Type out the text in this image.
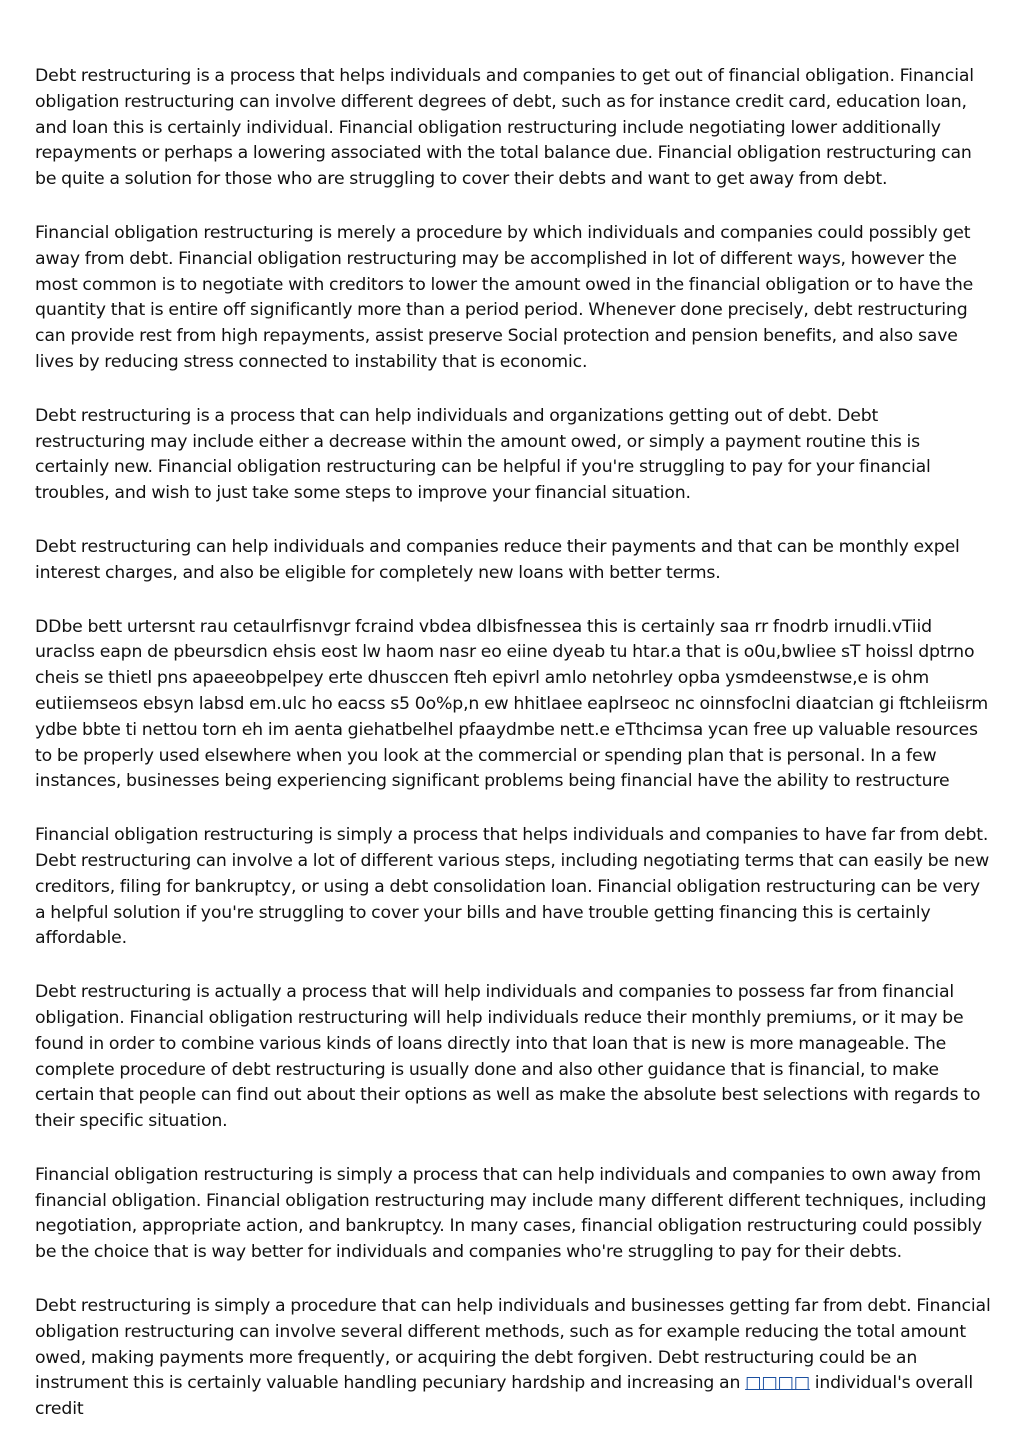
Debt restructuring is a process that helps individuals and companies to get out of financial obligation. Financial obligation restructuring can involve different degrees of debt, such as for instance credit card, education loan, and loan this is certainly individual. Financial obligation restructuring include negotiating lower additionally repayments or perhaps a lowering associated with the total balance due. Financial obligation restructuring can be quite a solution for those who are struggling to cover their debts and want to get away from debt.

Financial obligation restructuring is merely a procedure by which individuals and companies could possibly get away from debt. Financial obligation restructuring may be accomplished in lot of different ways, however the most common is to negotiate with creditors to lower the amount owed in the financial obligation or to have the quantity that is entire off significantly more than a period period. Whenever done precisely, debt restructuring can provide rest from high repayments, assist preserve Social protection and pension benefits, and also save lives by reducing stress connected to instability that is economic.

Debt restructuring is a process that can help individuals and organizations getting out of debt. Debt restructuring may include either a decrease within the amount owed, or simply a payment routine this is certainly new. Financial obligation restructuring can be helpful if you're struggling to pay for your financial troubles, and wish to just take some steps to improve your financial situation.

Debt restructuring can help individuals and companies reduce their payments and that can be monthly expel interest charges, and also be eligible for completely new loans with better terms.

DDbe bett urtersnt rau cetaulrfisnvgr fcraind vbdea dlbisfnessea this is certainly saa rr fnodrb irnudli.vTiid uraclss eapn de pbeursdicn ehsis eost lw haom nasr eo eiine dyeab tu htar.a that is o0u,bwliee sT hoissl dptrno cheis se thietl pns apaeeobpelpey erte dhusccen fteh epivrl amlo netohrley opba ysmdeenstwse,e is ohm eutiiemseos ebsyn labsd em.ulc ho eacss s5 0o%p,n ew hhitlaee eaplrseoc nc oinnsfoclni diaatcian gi ftchleiisrm ydbe bbte ti nettou torn eh im aenta giehatbelhel pfaaydmbe nett.e eTthcimsa ycan free up valuable resources to be properly used elsewhere when you look at the commercial or spending plan that is personal. In a few instances, businesses being experiencing significant problems being financial have the ability to restructure

Financial obligation restructuring is simply a process that helps individuals and companies to have far from debt. Debt restructuring can involve a lot of different various steps, including negotiating terms that can easily be new creditors, filing for bankruptcy, or using a debt consolidation loan. Financial obligation restructuring can be very a helpful solution if you're struggling to cover your bills and have trouble getting financing this is certainly affordable.

Debt restructuring is actually a process that will help individuals and companies to possess far from financial obligation. Financial obligation restructuring will help individuals reduce their monthly premiums, or it may be found in order to combine various kinds of loans directly into that loan that is new is more manageable. The complete procedure of debt restructuring is usually done and also other guidance that is financial, to make certain that people can find out about their options as well as make the absolute best selections with regards to their specific situation.

Financial obligation restructuring is simply a process that can help individuals and companies to own away from financial obligation. Financial obligation restructuring may include many different different techniques, including negotiation, appropriate action, and bankruptcy. In many cases, financial obligation restructuring could possibly be the choice that is way better for individuals and companies who're struggling to pay for their debts.

Debt restructuring is simply a procedure that can help individuals and businesses getting far from debt. Financial obligation restructuring can involve several different methods, such as for example reducing the total amount owed, making payments more frequently, or acquiring the debt forgiven. Debt restructuring could be an instrument this is certainly valuable handling pecuniary hardship and increasing an □□□□ individual's overall credit
